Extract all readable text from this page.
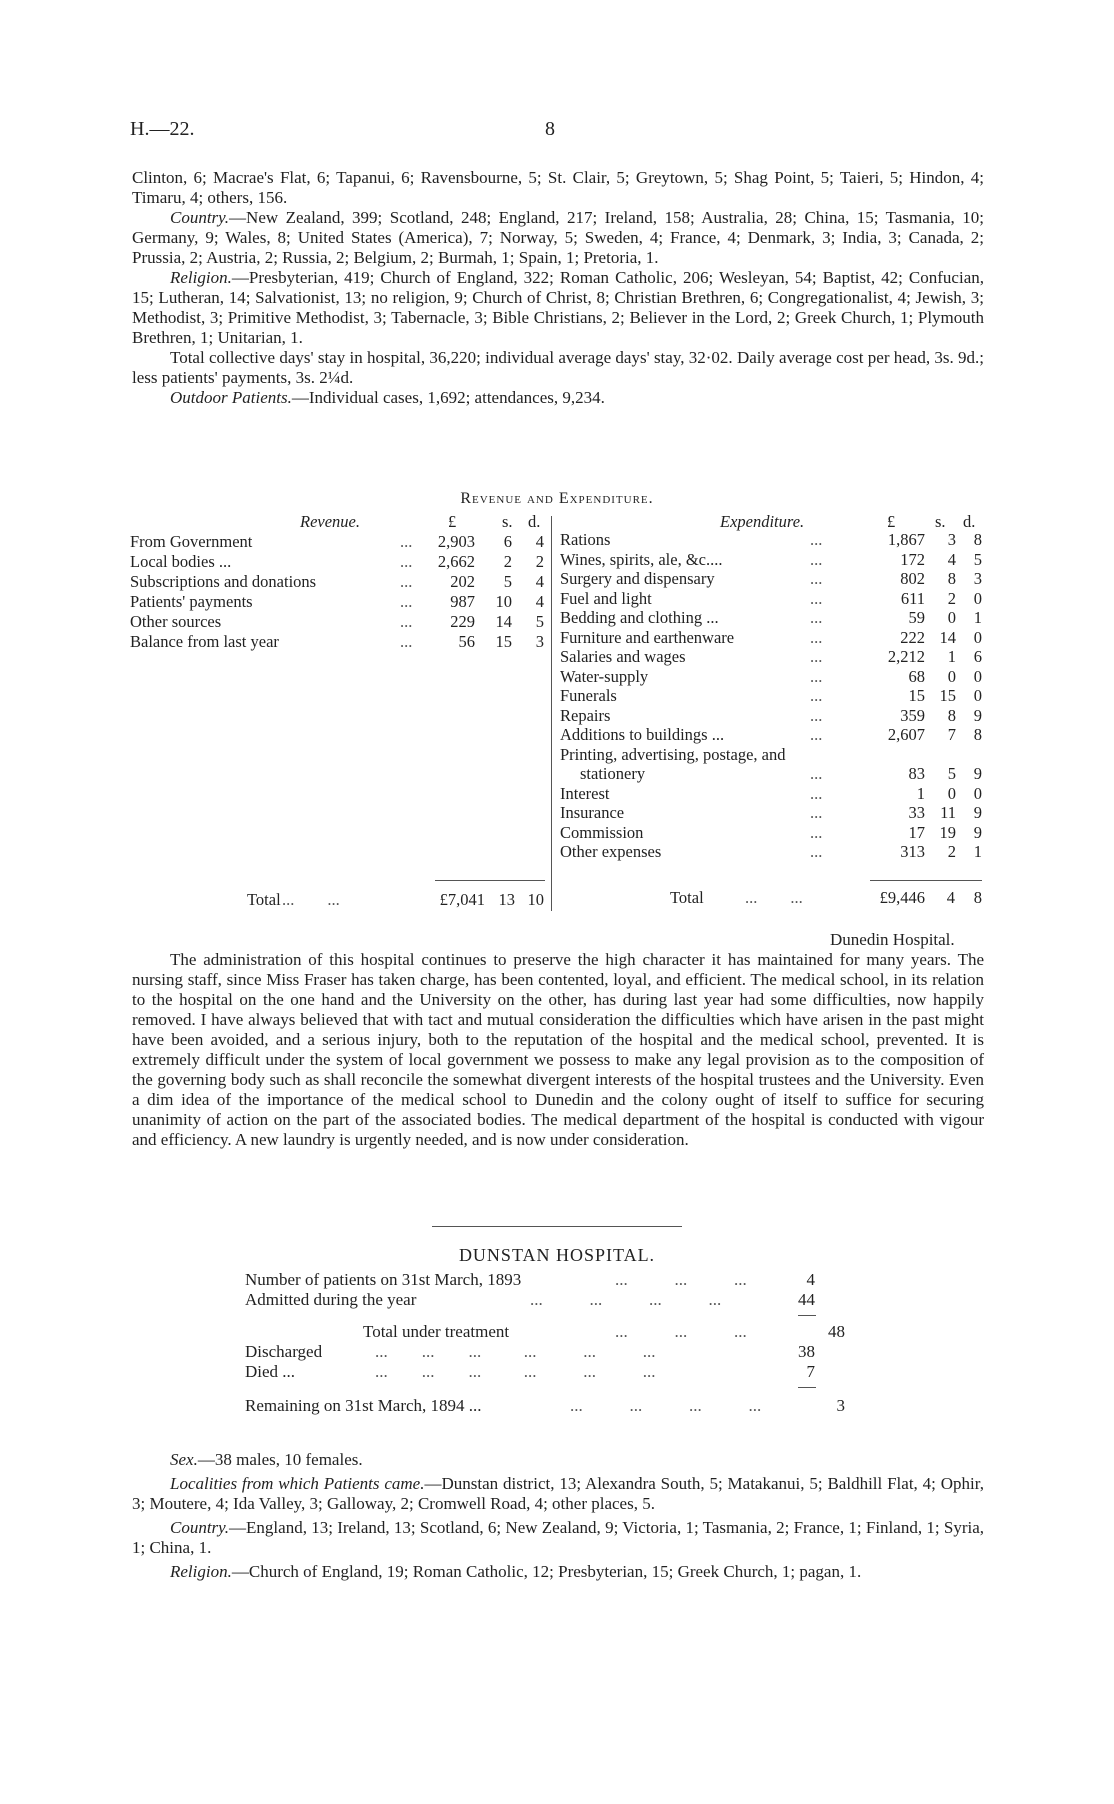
H.—22.	8

Clinton, 6; Macrae's Flat, 6; Tapanui, 6; Ravensbourne, 5; St. Clair, 5; Greytown, 5; Shag Point, 5; Taieri, 5; Hindon, 4; Timaru, 4; others, 156.

Country.—New Zealand, 399; Scotland, 248; England, 217; Ireland, 158; Australia, 28; China, 15; Tasmania, 10; Germany, 9; Wales, 8; United States (America), 7; Norway, 5; Sweden, 4; France, 4; Denmark, 3; India, 3; Canada, 2; Prussia, 2; Austria, 2; Russia, 2; Belgium, 2; Burmah, 1; Spain, 1; Pretoria, 1.

Religion.—Presbyterian, 419; Church of England, 322; Roman Catholic, 206; Wesleyan, 54; Baptist, 42; Confucian, 15; Lutheran, 14; Salvationist, 13; no religion, 9; Church of Christ, 8; Christian Brethren, 6; Congregationalist, 4; Jewish, 3; Methodist, 3; Primitive Methodist, 3; Tabernacle, 3; Bible Christians, 2; Believer in the Lord, 2; Greek Church, 1; Plymouth Brethren, 1; Unitarian, 1.

Total collective days' stay in hospital, 36,220; individual average days' stay, 32·02. Daily average cost per head, 3s. 9d.; less patients' payments, 3s. 2¼d.

Outdoor Patients.—Individual cases, 1,692; attendances, 9,234.

Revenue and Expenditure.
Revenue.	£	s. d.	Expenditure.	£ s. d.
From Government	...	2,903	6	4
Local bodies ...	...	2,662	2	2
Subscriptions and donations	...	202	5	4
Patients' payments	...	987	10	4
Other sources	...	229	14	5
Balance from last year	...	56	15	3
Rations	...	1,867	3	8
Wines, spirits, ale, &c....	...	172	4	5
Surgery and dispensary	...	802	8	3
Fuel and light	...	611	2	0
Bedding and clothing ...	...	59	0	1
Furniture and earthenware	...	222 14	0
Salaries and wages	...	2,212	1	6
Water-supply	...	68	0	0
Funerals	...	15 15	0
Repairs	...	359	8	9
Additions to buildings ...	...	2,607	7	8
Printing, advertising, postage, and
stationery	...	83	5	9
Interest	...	1	0	0
Insurance	...	33 11	9
Commission	...	17 19	9
Other expenses	...	313	2	1
Total ...        ...	£7,041 13 10	Total	...        ...	£9,446	4	8
Dunedin Hospital.

The administration of this hospital continues to preserve the high character it has maintained for many years. The nursing staff, since Miss Fraser has taken charge, has been contented, loyal, and efficient. The medical school, in its relation to the hospital on the one hand and the University on the other, has during last year had some difficulties, now happily removed. I have always believed that with tact and mutual consideration the difficulties which have arisen in the past might have been avoided, and a serious injury, both to the reputation of the hospital and the medical school, prevented. It is extremely difficult under the system of local government we possess to make any legal provision as to the composition of the governing body such as shall reconcile the somewhat divergent interests of the hospital trustees and the University. Even a dim idea of the importance of the medical school to Dunedin and the colony ought of itself to suffice for securing unanimity of action on the part of the associated bodies. The medical department of the hospital is conducted with vigour and efficiency. A new laundry is urgently needed, and is now under consideration.

DUNSTAN HOSPITAL.
Number of patients on 31st March, 1893	...           ...           ...	4
Admitted during the year	...           ...           ...           ...	44
Total under treatment	...           ...           ...	48
Discharged	...        ...        ...          ...           ...           ...	38
Died ...	...        ...        ...          ...           ...           ...	7
Remaining on 31st March, 1894 ...	...           ...           ...           ...	3

Sex.—38 males, 10 females.

Localities from which Patients came.—Dunstan district, 13; Alexandra South, 5; Matakanui, 5; Baldhill Flat, 4; Ophir, 3; Moutere, 4; Ida Valley, 3; Galloway, 2; Cromwell Road, 4; other places, 5.

Country.—England, 13; Ireland, 13; Scotland, 6; New Zealand, 9; Victoria, 1; Tasmania, 2; France, 1; Finland, 1; Syria, 1; China, 1.

Religion.—Church of England, 19; Roman Catholic, 12; Presbyterian, 15; Greek Church, 1; pagan, 1.
